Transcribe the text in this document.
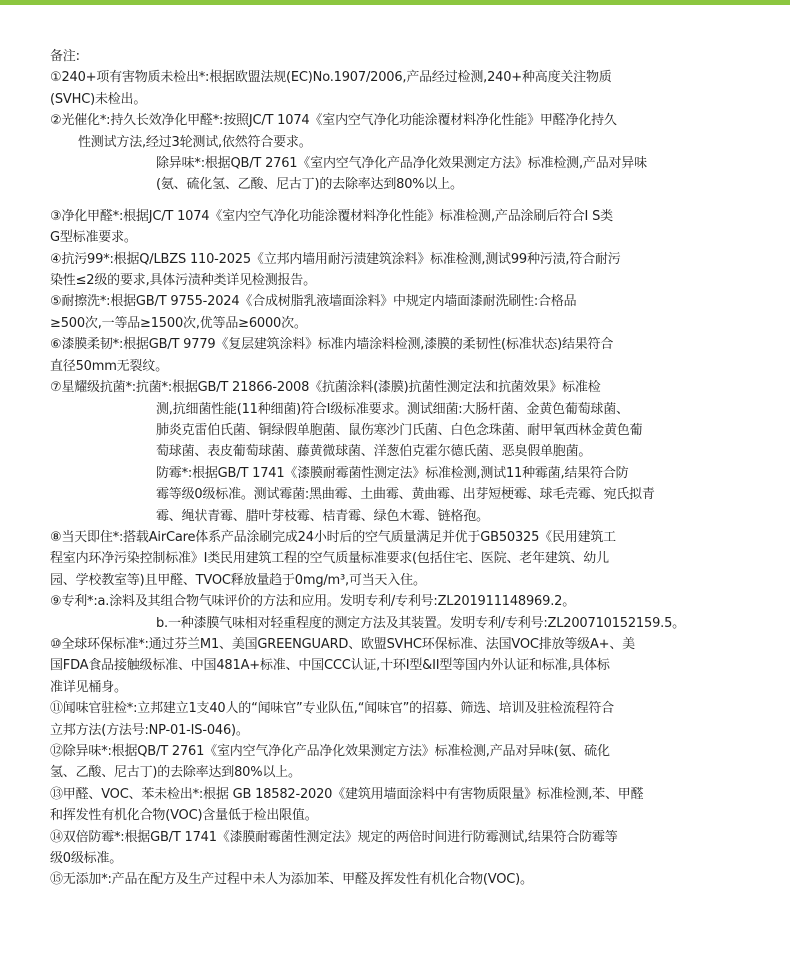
备注:

①240+项有害物质未检出*:根据欧盟法规(EC)No.1907/2006,产品经过检测,240+种高度关注物质

(SVHC)未检出。

②光催化*:持久长效净化甲醛*:按照JC/T 1074《室内空气净化功能涂覆材料净化性能》甲醛净化持久

性测试方法,经过3轮测试,依然符合要求。

除异味*:根据QB/T 2761《室内空气净化产品净化效果测定方法》标准检测,产品对异味

(氨、硫化氢、乙酸、尼古丁)的去除率达到80%以上。

③净化甲醛*:根据JC/T 1074《室内空气净化功能涂覆材料净化性能》标准检测,产品涂刷后符合I S类

G型标准要求。

④抗污99*:根据Q/LBZS 110-2025《立邦内墙用耐污渍建筑涂料》标准检测,测试99种污渍,符合耐污

染性≤2级的要求,具体污渍种类详见检测报告。

⑤耐擦洗*:根据GB/T 9755-2024《合成树脂乳液墙面涂料》中规定内墙面漆耐洗刷性:合格品

≥500次,一等品≥1500次,优等品≥6000次。

⑥漆膜柔韧*:根据GB/T 9779《复层建筑涂料》标准内墙涂料检测,漆膜的柔韧性(标准状态)结果符合

直径50mm无裂纹。

⑦星耀级抗菌*:抗菌*:根据GB/T 21866-2008《抗菌涂料(漆膜)抗菌性测定法和抗菌效果》标准检

测,抗细菌性能(11种细菌)符合I级标准要求。测试细菌:大肠杆菌、金黄色葡萄球菌、

肺炎克雷伯氏菌、铜绿假单胞菌、鼠伤寒沙门氏菌、白色念珠菌、耐甲氧西林金黄色葡

萄球菌、表皮葡萄球菌、藤黄微球菌、洋葱伯克霍尔德氏菌、恶臭假单胞菌。

防霉*:根据GB/T 1741《漆膜耐霉菌性测定法》标准检测,测试11种霉菌,结果符合防

霉等级0级标准。测试霉菌:黑曲霉、土曲霉、黄曲霉、出芽短梗霉、球毛壳霉、宛氏拟青

霉、绳状青霉、腊叶芽枝霉、桔青霉、绿色木霉、链格孢。

⑧当天即住*:搭载AirCare体系产品涂刷完成24小时后的空气质量满足并优于GB50325《民用建筑工

程室内环净污染控制标准》I类民用建筑工程的空气质量标准要求(包括住宅、医院、老年建筑、幼儿

园、学校教室等)且甲醛、TVOC释放量趋于0mg/m³,可当天入住。

⑨专利*:a.涂料及其组合物气味评价的方法和应用。发明专利/专利号:ZL201911148969.2。

b.一种漆膜气味相对轻重程度的测定方法及其装置。发明专利/专利号:ZL200710152159.5。

⑩全球环保标准*:通过芬兰M1、美国GREENGUARD、欧盟SVHC环保标准、法国VOC排放等级A+、美

国FDA食品接触级标准、中国481A+标准、中国CCC认证,十环I型&II型等国内外认证和标准,具体标

准详见桶身。

⑪闻味官驻检*:立邦建立1支40人的“闻味官”专业队伍,“闻味官”的招募、筛选、培训及驻检流程符合

立邦方法(方法号:NP-01-IS-046)。

⑫除异味*:根据QB/T 2761《室内空气净化产品净化效果测定方法》标准检测,产品对异味(氨、硫化

氢、乙酸、尼古丁)的去除率达到80%以上。

⑬甲醛、VOC、苯未检出*:根据 GB 18582-2020《建筑用墙面涂料中有害物质限量》标准检测,苯、甲醛

和挥发性有机化合物(VOC)含量低于检出限值。

⑭双倍防霉*:根据GB/T 1741《漆膜耐霉菌性测定法》规定的两倍时间进行防霉测试,结果符合防霉等

级0级标准。

⑮无添加*:产品在配方及生产过程中未人为添加苯、甲醛及挥发性有机化合物(VOC)。
